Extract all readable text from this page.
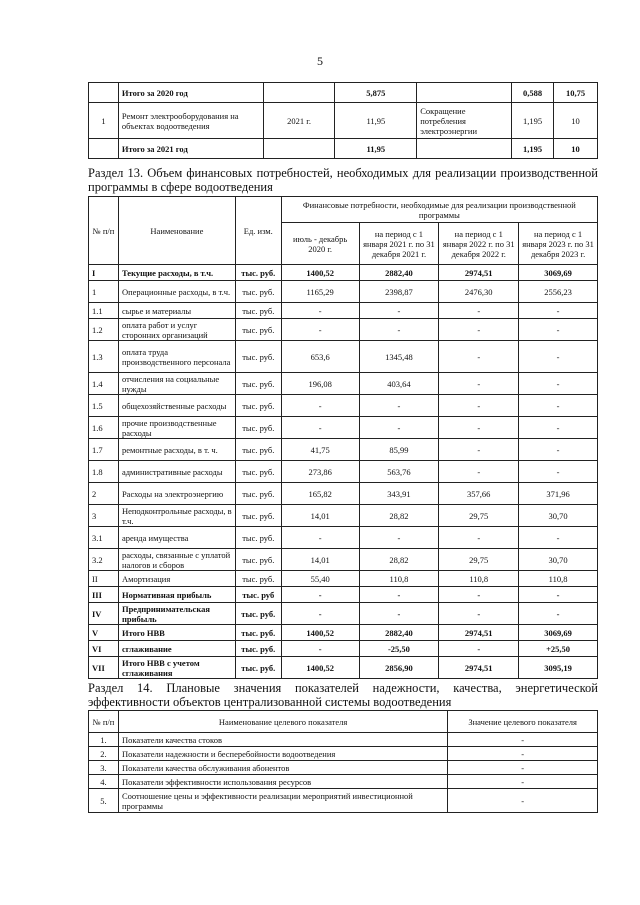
5
	Итого за 2020 год		5,875		0,588	10,75
1	Ремонт электрооборудования на объектах водоотведения	2021 г.	11,95	Сокращение потребления электроэнергии	1,195	10
	Итого за 2021 год		11,95		1,195	10
Раздел 13. Объем финансовых потребностей, необходимых для реализации производственной программы в сфере водоотведения
№ п/п	Наименование	Ед. изм.	Финансовые потребности, необходимые для реализации производственной программы			
			июль - декабрь 2020 г.	на период с 1 января 2021 г. по 31 декабря 2021 г.	на период с 1 января 2022 г. по 31 декабря 2022 г.	на период с 1 января 2023 г. по 31 декабря 2023 г.
I	Текущие расходы, в т.ч.	тыс. руб.	1400,52	2882,40	2974,51	3069,69
1	Операционные расходы, в т.ч.	тыс. руб.	1165,29	2398,87	2476,30	2556,23
1.1	сырье и материалы	тыс. руб.	-	-	-	-
1.2	оплата работ и услуг сторонних организаций	тыс. руб.	-	-	-	-
1.3	оплата труда производственного персонала	тыс. руб.	653,6	1345,48	-	-
1.4	отчисления на социальные нужды	тыс. руб.	196,08	403,64	-	-
1.5	общехозяйственные расходы	тыс. руб.	-	-	-	-
1.6	прочие производственные расходы	тыс. руб.	-	-	-	-
1.7	ремонтные расходы, в т. ч.	тыс. руб.	41,75	85,99	-	-
1.8	административные расходы	тыс. руб.	273,86	563,76	-	-
2	Расходы на электроэнергию	тыс. руб.	165,82	343,91	357,66	371,96
3	Неподконтрольные расходы, в т.ч.	тыс. руб.	14,01	28,82	29,75	30,70
3.1	аренда имущества	тыс. руб.	-	-	-	-
3.2	расходы, связанные с уплатой налогов и сборов	тыс. руб.	14,01	28,82	29,75	30,70
II	Амортизация	тыс. руб.	55,40	110,8	110,8	110,8
III	Нормативная прибыль	тыс. руб	-	-	-	-
IV	Предпринимательская прибыль	тыс. руб.	-	-	-	-
V	Итого НВВ	тыс. руб.	1400,52	2882,40	2974,51	3069,69
VI	сглаживание	тыс. руб.	-	-25,50	-	+25,50
VII	Итого НВВ с учетом сглаживания	тыс. руб.	1400,52	2856,90	2974,51	3095,19
Раздел 14. Плановые значения показателей надежности, качества, энергетической эффективности объектов централизованной системы водоотведения
№ п/п	Наименование целевого показателя	Значение целевого показателя
1.	Показатели качества стоков	-
2.	Показатели надежности и бесперебойности водоотведения	-
3.	Показатели качества обслуживания абонентов	-
4.	Показатели эффективности использования ресурсов	-
5.	Соотношение цены и эффективности реализации мероприятий инвестиционной программы	-
